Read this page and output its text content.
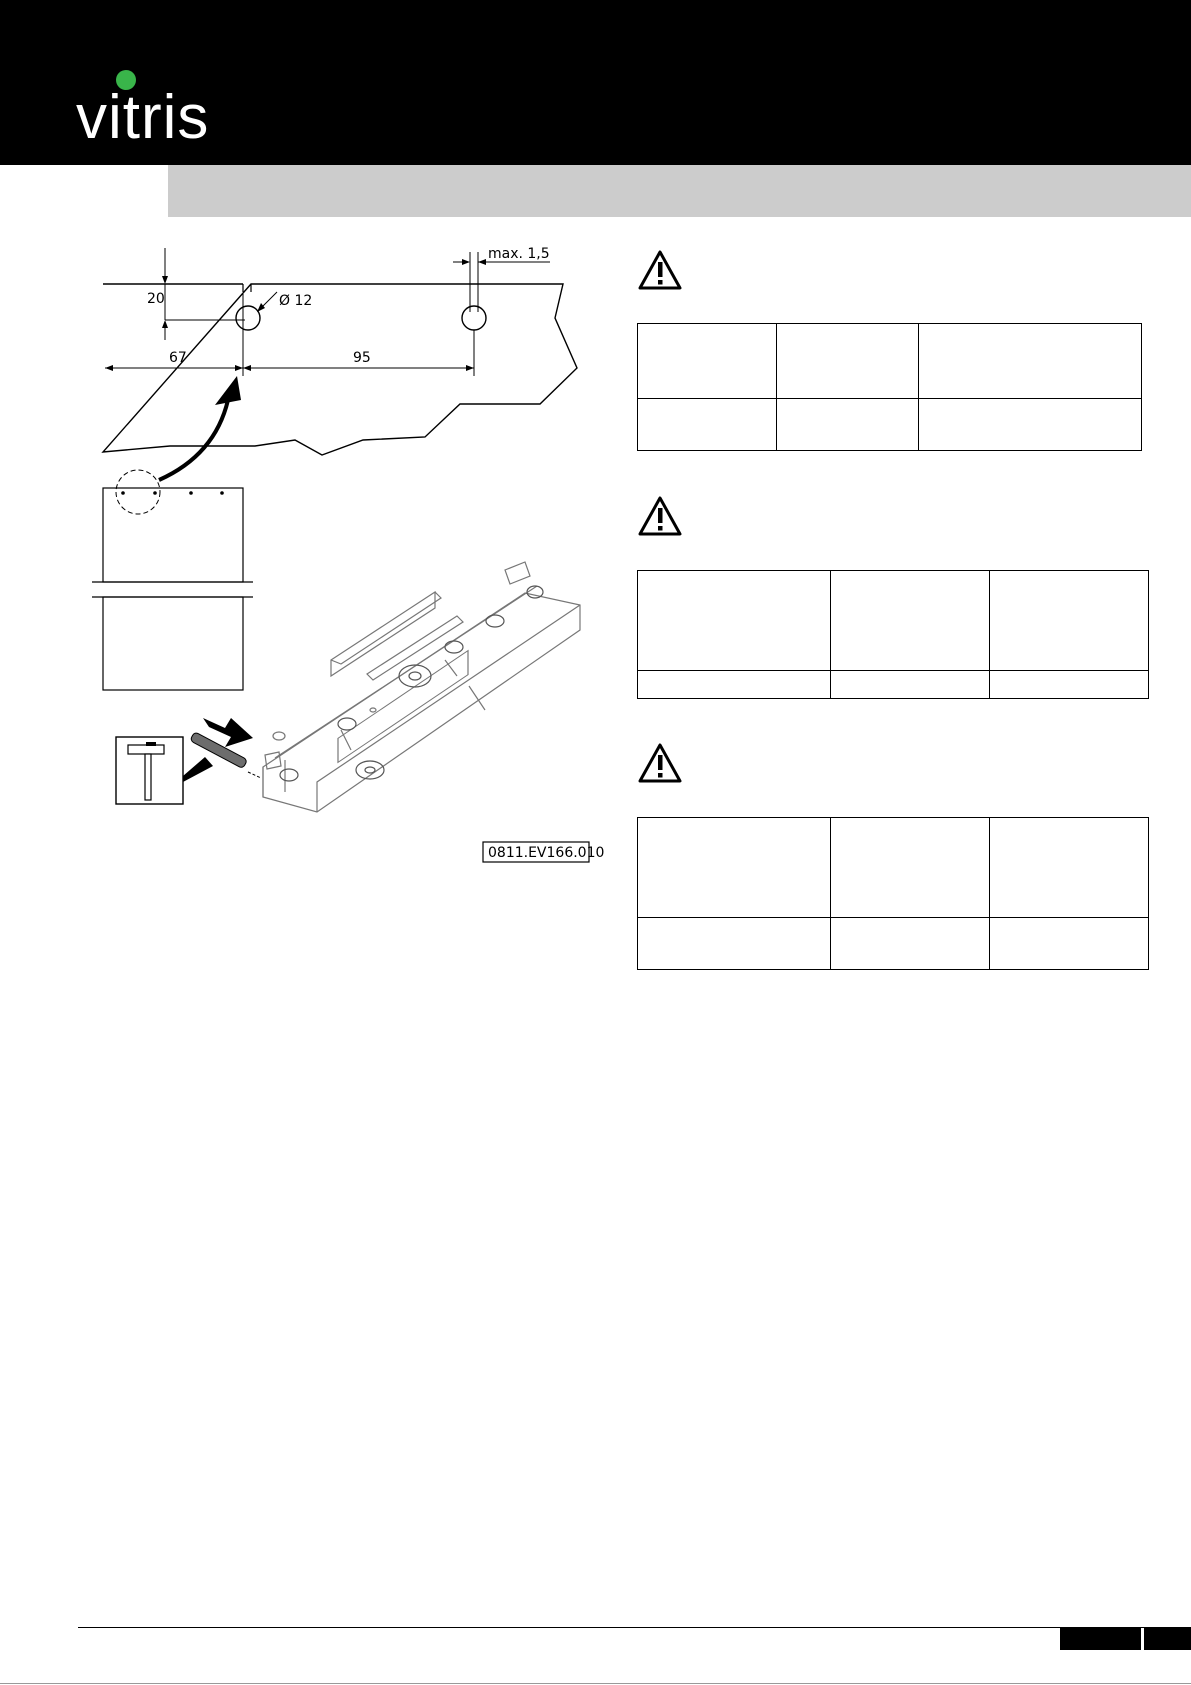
vitris
20	Ø 12
max. 1,5
67	95
0811.EV166.010
